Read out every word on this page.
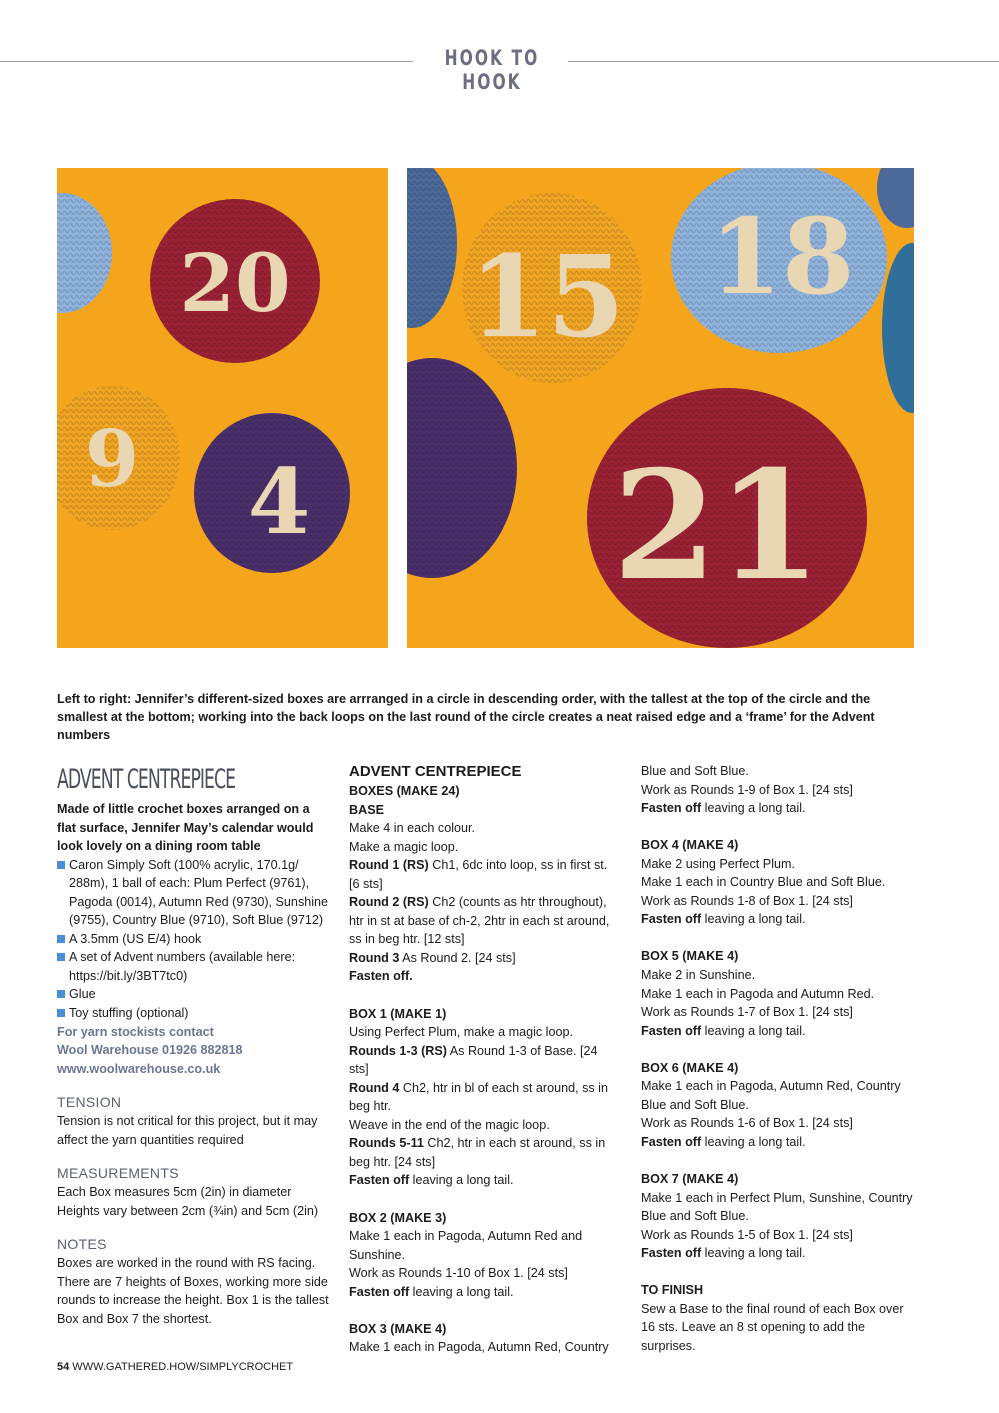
HOOK TO HOOK
20
9 4
15 18
21
Left to right: Jennifer’s different-sized boxes are arrranged in a circle in descending order, with the tallest at the top of the circle and the smallest at the bottom; working into the back loops on the last round of the circle creates a neat raised edge and a ‘frame’ for the Advent numbers
ADVENT CENTREPIECE

Made of little crochet boxes arranged on a flat surface, Jennifer May’s calendar would look lovely on a dining room table

Caron Simply Soft (100% acrylic, 170.1g/ 288m), 1 ball of each: Plum Perfect (9761), Pagoda (0014), Autumn Red (9730), Sunshine (9755), Country Blue (9710), Soft Blue (9712)
A 3.5mm (US E/4) hook
A set of Advent numbers (available here: https://bit.ly/3BT7tc0)
Glue
Toy stuffing (optional)

For yarn stockists contact

Wool Warehouse 01926 882818

www.woolwarehouse.co.uk

TENSION

Tension is not critical for this project, but it may affect the yarn quantities required

MEASUREMENTS

Each Box measures 5cm (2in) in diameter

Heights vary between 2cm (¾in) and 5cm (2in)

NOTES

Boxes are worked in the round with RS facing. There are 7 heights of Boxes, working more side rounds to increase the height. Box 1 is the tallest Box and Box 7 the shortest.

ADVENT CENTREPIECE

BOXES (MAKE 24)

BASE

Make 4 in each colour.

Make a magic loop.

Round 1 (RS) Ch1, 6dc into loop, ss in first st. [6 sts]

Round 2 (RS) Ch2 (counts as htr throughout), htr in st at base of ch-2, 2htr in each st around, ss in beg htr. [12 sts]

Round 3 As Round 2. [24 sts]

Fasten off.

BOX 1 (MAKE 1)

Using Perfect Plum, make a magic loop.

Rounds 1-3 (RS) As Round 1-3 of Base. [24 sts]

Round 4 Ch2, htr in bl of each st around, ss in beg htr.

Weave in the end of the magic loop.

Rounds 5-11 Ch2, htr in each st around, ss in beg htr. [24 sts]

Fasten off leaving a long tail.

BOX 2 (MAKE 3)

Make 1 each in Pagoda, Autumn Red and Sunshine.

Work as Rounds 1-10 of Box 1. [24 sts]

Fasten off leaving a long tail.

BOX 3 (MAKE 4)

Make 1 each in Pagoda, Autumn Red, Country

Blue and Soft Blue.

Work as Rounds 1-9 of Box 1. [24 sts]

Fasten off leaving a long tail.

BOX 4 (MAKE 4)

Make 2 using Perfect Plum.

Make 1 each in Country Blue and Soft Blue.

Work as Rounds 1-8 of Box 1. [24 sts]

Fasten off leaving a long tail.

BOX 5 (MAKE 4)

Make 2 in Sunshine.

Make 1 each in Pagoda and Autumn Red.

Work as Rounds 1-7 of Box 1. [24 sts]

Fasten off leaving a long tail.

BOX 6 (MAKE 4)

Make 1 each in Pagoda, Autumn Red, Country Blue and Soft Blue.

Work as Rounds 1-6 of Box 1. [24 sts]

Fasten off leaving a long tail.

BOX 7 (MAKE 4)

Make 1 each in Perfect Plum, Sunshine, Country Blue and Soft Blue.

Work as Rounds 1-5 of Box 1. [24 sts]

Fasten off leaving a long tail.

TO FINISH

Sew a Base to the final round of each Box over 16 sts. Leave an 8 st opening to add the surprises.

54 WWW.GATHERED.HOW/SIMPLYCROCHET
